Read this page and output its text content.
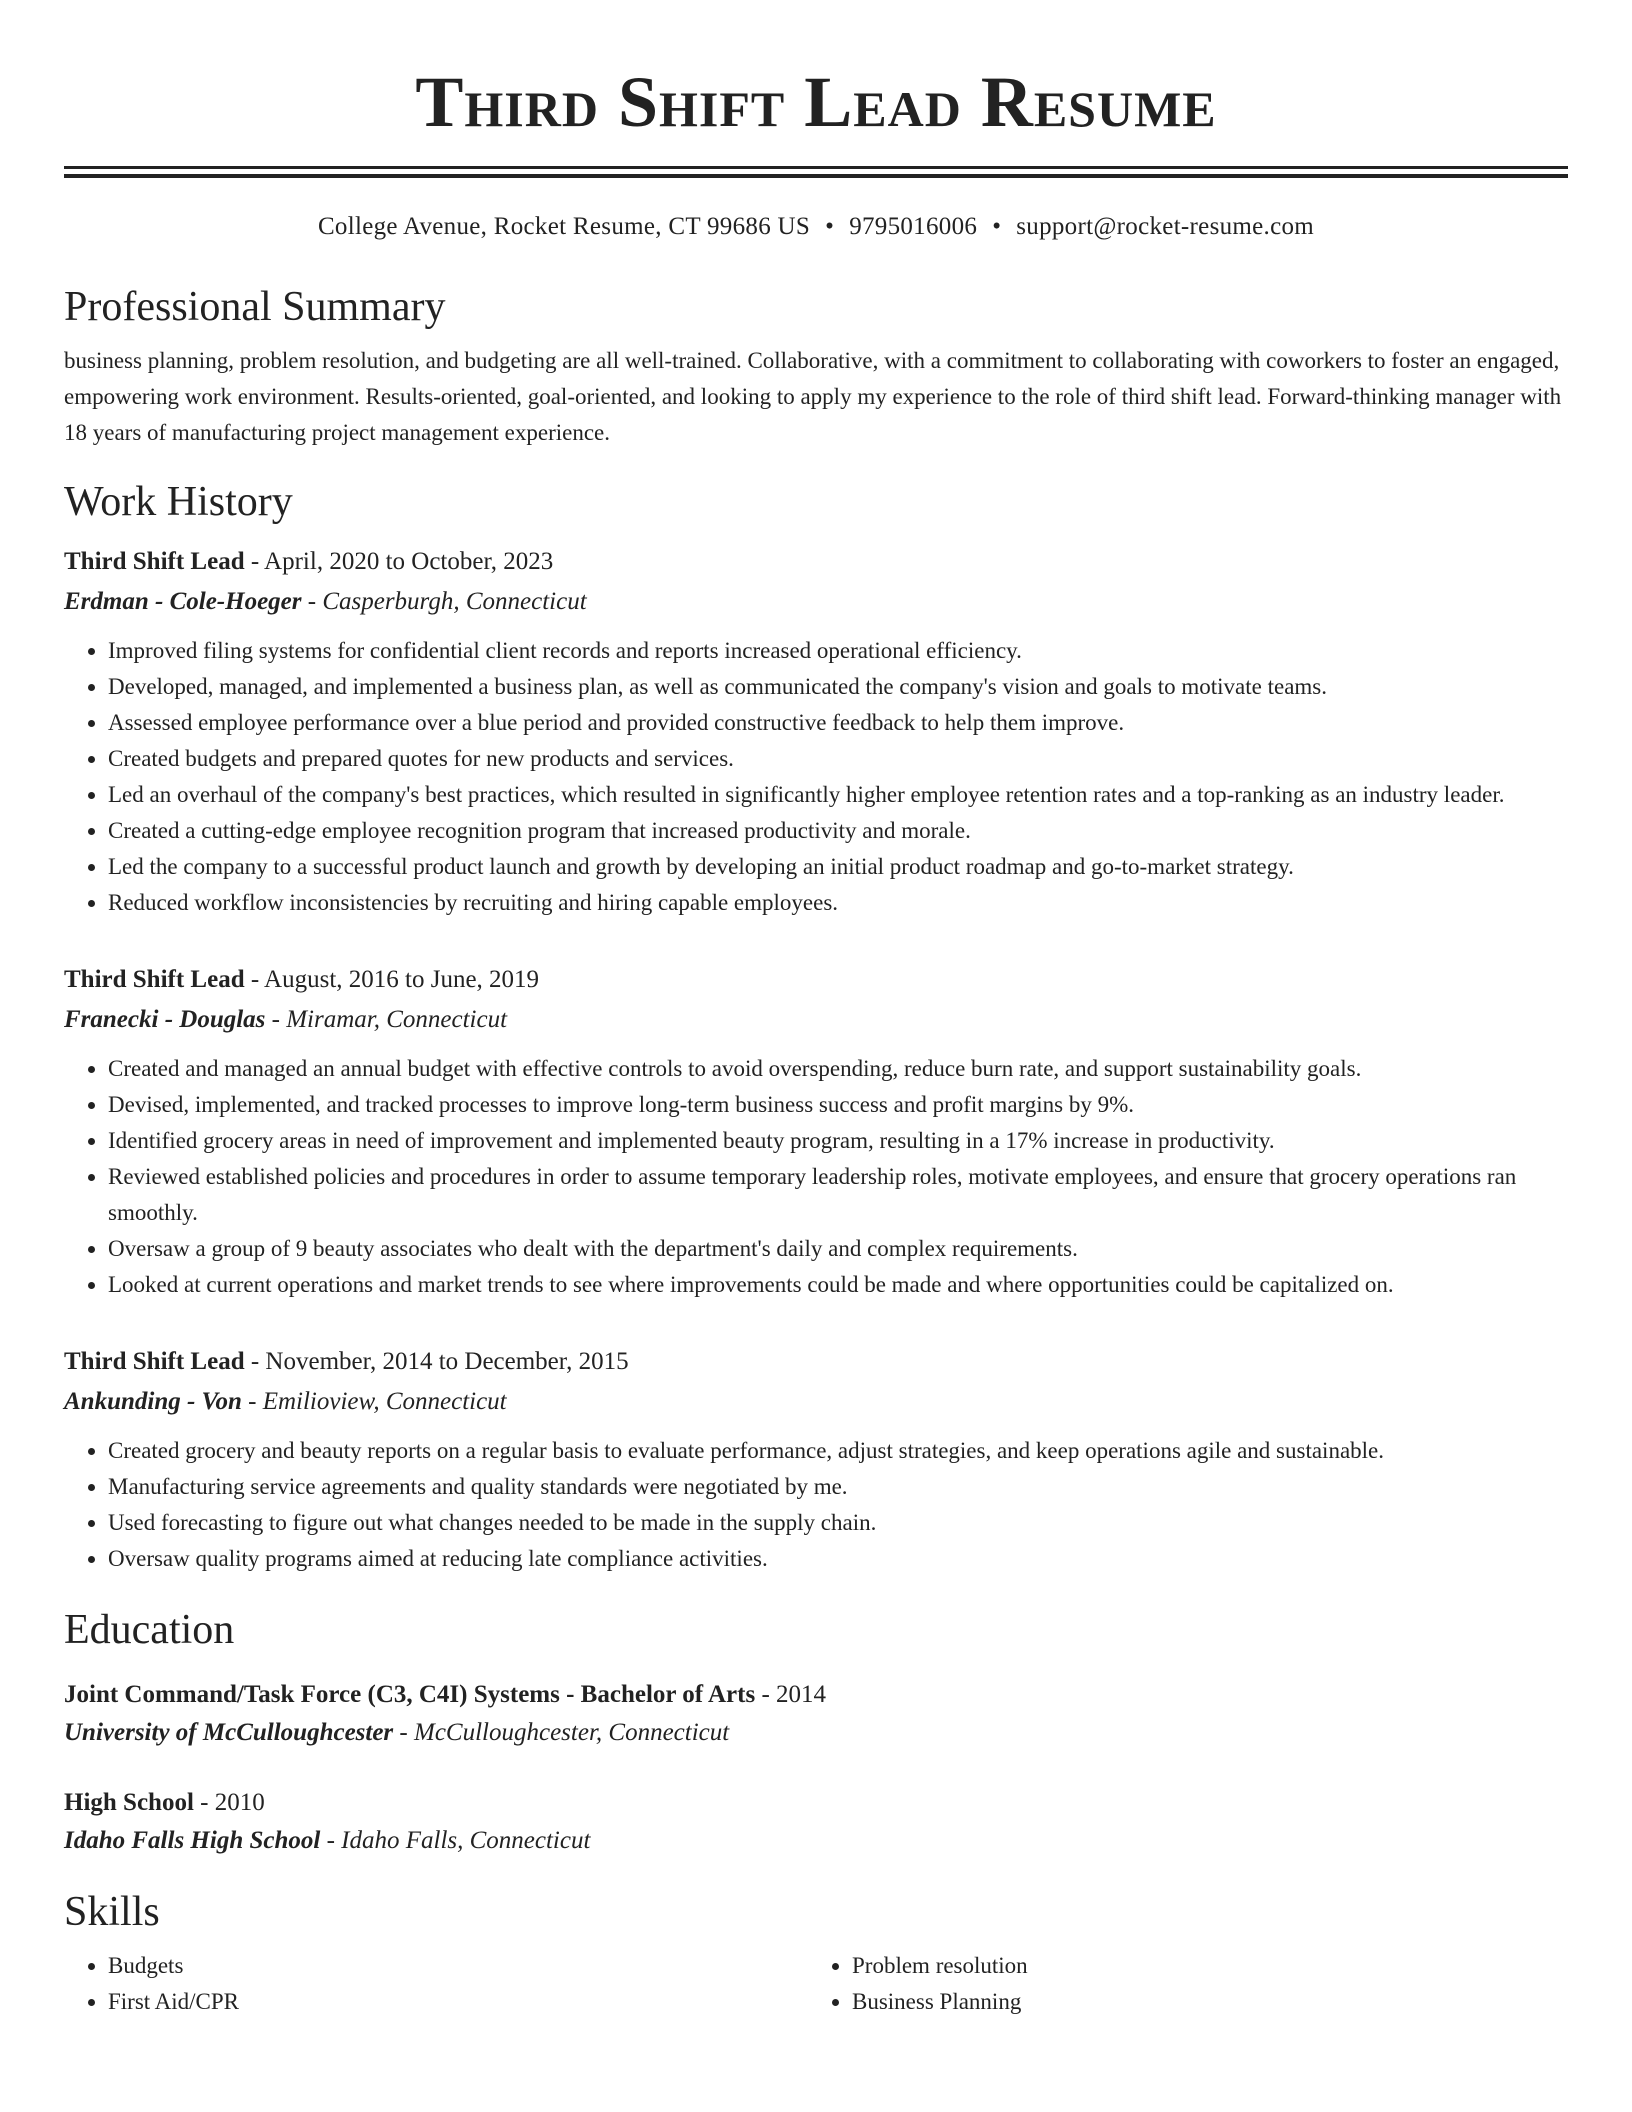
Third Shift Lead Resume
College Avenue, Rocket Resume, CT 99686 US • 9795016006 • support@rocket-resume.com
Professional Summary
business planning, problem resolution, and budgeting are all well-trained. Collaborative, with a commitment to collaborating with coworkers to foster an engaged, empowering work environment. Results-oriented, goal-oriented, and looking to apply my experience to the role of third shift lead. Forward-thinking manager with 18 years of manufacturing project management experience.
Work History
Third Shift Lead - April, 2020 to October, 2023
Erdman - Cole-Hoeger - Casperburgh, Connecticut
• Improved filing systems for confidential client records and reports increased operational efficiency.
• Developed, managed, and implemented a business plan, as well as communicated the company's vision and goals to motivate teams.
• Assessed employee performance over a blue period and provided constructive feedback to help them improve.
• Created budgets and prepared quotes for new products and services.
• Led an overhaul of the company's best practices, which resulted in significantly higher employee retention rates and a top-ranking as an industry leader.
• Created a cutting-edge employee recognition program that increased productivity and morale.
• Led the company to a successful product launch and growth by developing an initial product roadmap and go-to-market strategy.
• Reduced workflow inconsistencies by recruiting and hiring capable employees.
Third Shift Lead - August, 2016 to June, 2019
Franecki - Douglas - Miramar, Connecticut
• Created and managed an annual budget with effective controls to avoid overspending, reduce burn rate, and support sustainability goals.
• Devised, implemented, and tracked processes to improve long-term business success and profit margins by 9%.
• Identified grocery areas in need of improvement and implemented beauty program, resulting in a 17% increase in productivity.
• Reviewed established policies and procedures in order to assume temporary leadership roles, motivate employees, and ensure that grocery operations ran smoothly.
• Oversaw a group of 9 beauty associates who dealt with the department's daily and complex requirements.
• Looked at current operations and market trends to see where improvements could be made and where opportunities could be capitalized on.
Third Shift Lead - November, 2014 to December, 2015
Ankunding - Von - Emilioview, Connecticut
• Created grocery and beauty reports on a regular basis to evaluate performance, adjust strategies, and keep operations agile and sustainable.
• Manufacturing service agreements and quality standards were negotiated by me.
• Used forecasting to figure out what changes needed to be made in the supply chain.
• Oversaw quality programs aimed at reducing late compliance activities.
Education
Joint Command/Task Force (C3, C4I) Systems - Bachelor of Arts - 2014
University of McCulloughcester - McCulloughcester, Connecticut
High School - 2010
Idaho Falls High School - Idaho Falls, Connecticut
Skills
• Budgets
• First Aid/CPR
• Problem resolution
• Business Planning
